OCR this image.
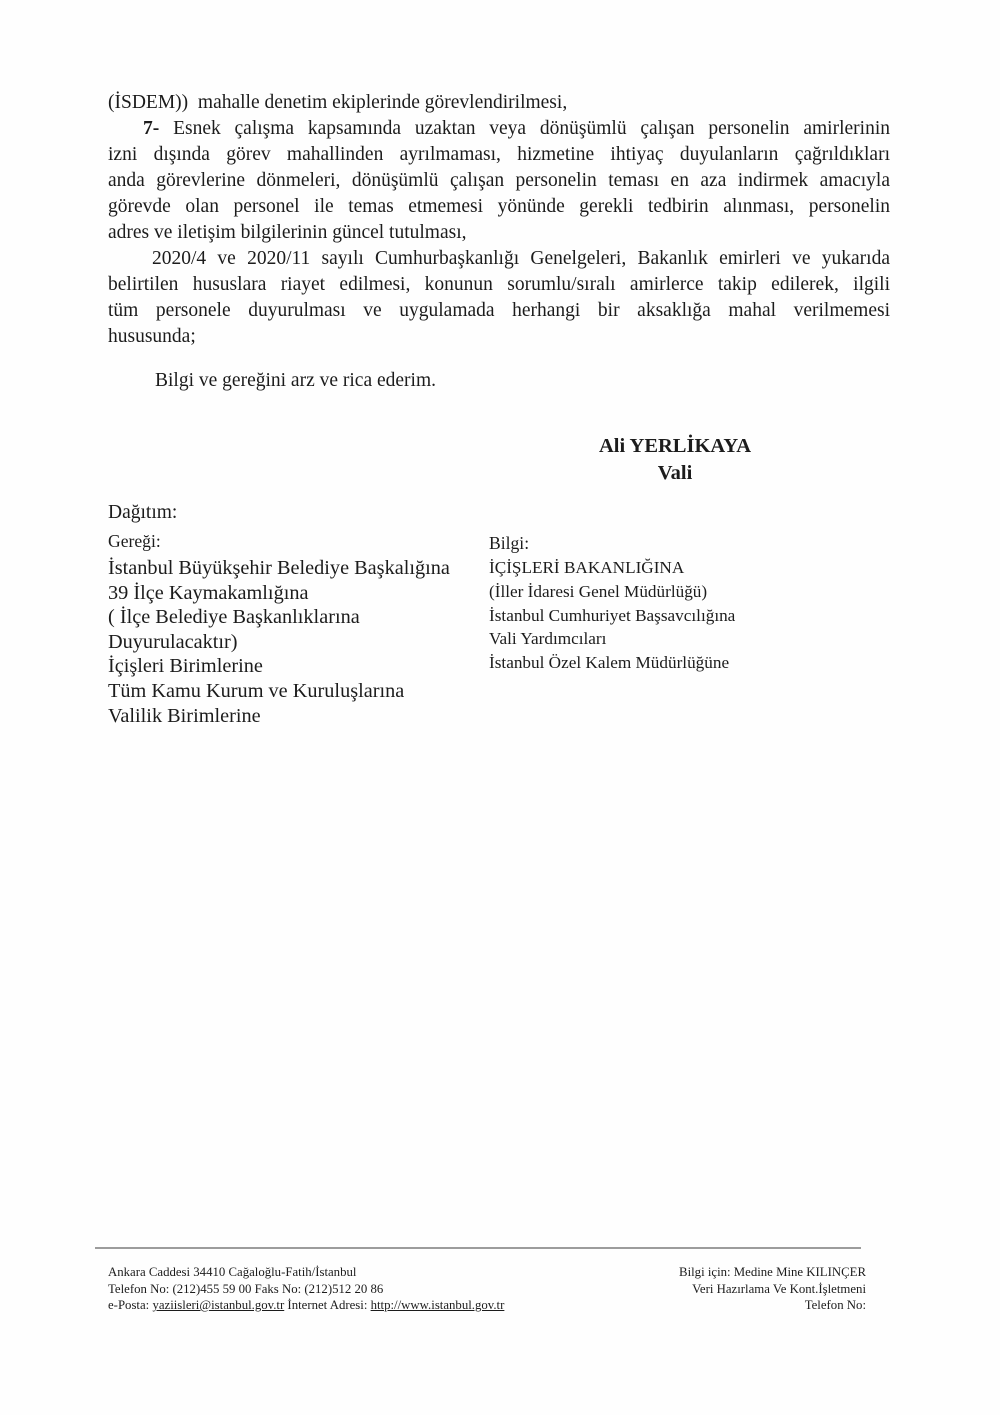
(İSDEM))  mahalle denetim ekiplerinde görevlendirilmesi,
7- Esnek çalışma kapsamında uzaktan veya dönüşümlü çalışan personelin amirlerinin
izni dışında görev mahallinden ayrılmaması, hizmetine ihtiyaç duyulanların çağrıldıkları
anda görevlerine dönmeleri, dönüşümlü çalışan personelin teması en aza indirmek amacıyla
görevde olan personel ile temas etmemesi yönünde gerekli tedbirin alınması, personelin
adres ve iletişim bilgilerinin güncel tutulması,
2020/4 ve 2020/11 sayılı Cumhurbaşkanlığı Genelgeleri, Bakanlık emirleri ve yukarıda
belirtilen hususlara riayet edilmesi, konunun sorumlu/sıralı amirlerce takip edilerek, ilgili
tüm personele duyurulması ve uygulamada herhangi bir aksaklığa mahal verilmemesi
hususunda;
Bilgi ve gereğini arz ve rica ederim.
Ali YERLİKAYA
Vali
Dağıtım:
Gereği:
İstanbul Büyükşehir Belediye Başkalığına
39 İlçe Kaymakamlığına
( İlçe Belediye Başkanlıklarına
Duyurulacaktır)
İçişleri Birimlerine
Tüm Kamu Kurum ve Kuruluşlarına
Valilik Birimlerine
Bilgi:
İÇİŞLERİ BAKANLIĞINA
(İller İdaresi Genel Müdürlüğü)
İstanbul Cumhuriyet Başsavcılığına
Vali Yardımcıları
İstanbul Özel Kalem Müdürlüğüne
Ankara Caddesi 34410 Cağaloğlu-Fatih/İstanbul
Telefon No: (212)455 59 00 Faks No: (212)512 20 86
e-Posta: yaziisleri@istanbul.gov.tr İnternet Adresi: http://www.istanbul.gov.tr
Bilgi için: Medine Mine KILINÇER
Veri Hazırlama Ve Kont.İşletmeni
Telefon No:
